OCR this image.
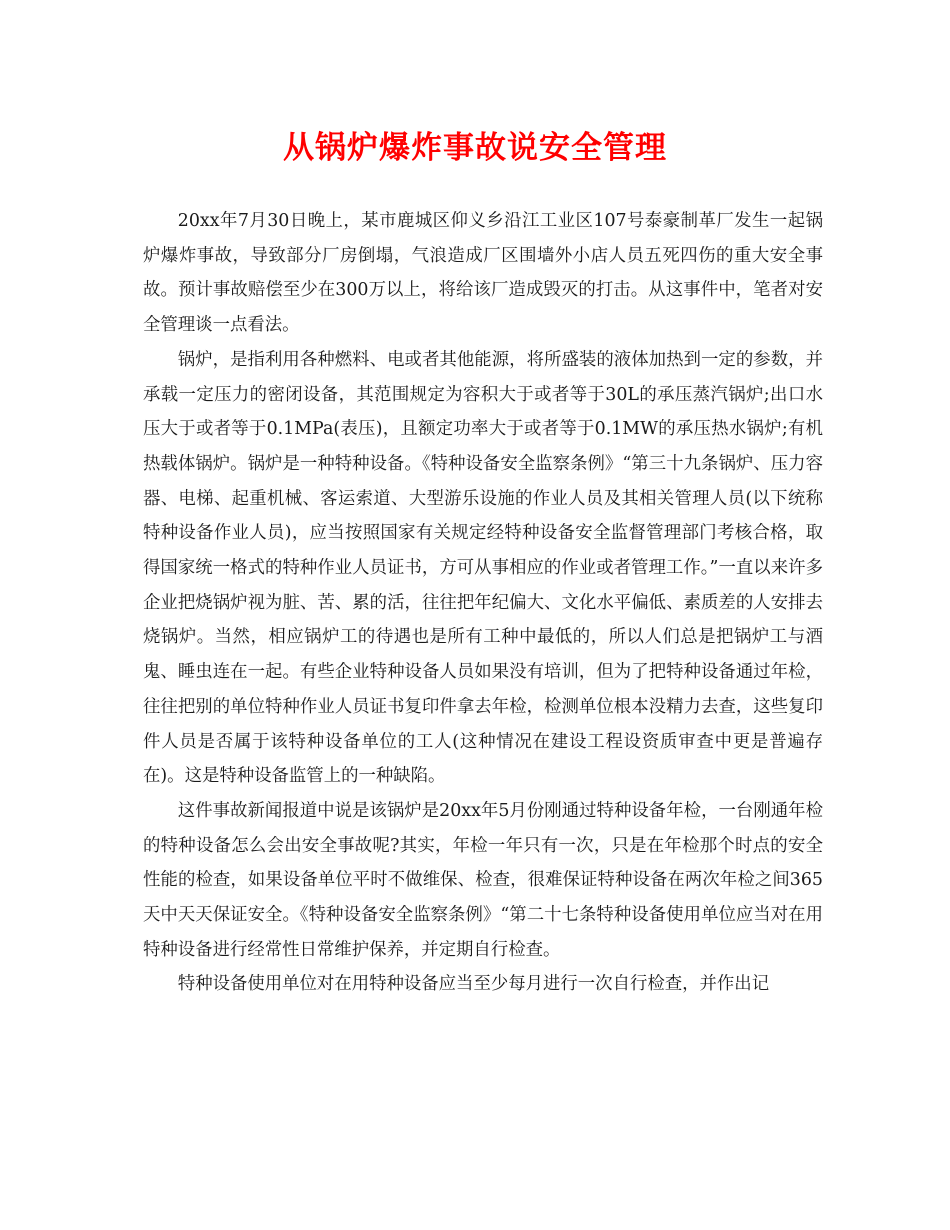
从锅炉爆炸事故说安全管理

20xx年7月30日晚上，某市鹿城区仰义乡沿江工业区107号泰豪制革厂发生一起锅炉爆炸事故，导致部分厂房倒塌，气浪造成厂区围墙外小店人员五死四伤的重大安全事故。预计事故赔偿至少在300万以上，将给该厂造成毁灭的打击。从这事件中，笔者对安全管理谈一点看法。

锅炉，是指利用各种燃料、电或者其他能源，将所盛装的液体加热到一定的参数，并承载一定压力的密闭设备，其范围规定为容积大于或者等于30L的承压蒸汽锅炉;出口水压大于或者等于0.1MPa(表压)，且额定功率大于或者等于0.1MW的承压热水锅炉;有机热载体锅炉。锅炉是一种特种设备。《特种设备安全监察条例》“第三十九条锅炉、压力容器、电梯、起重机械、客运索道、大型游乐设施的作业人员及其相关管理人员(以下统称特种设备作业人员)，应当按照国家有关规定经特种设备安全监督管理部门考核合格，取得国家统一格式的特种作业人员证书，方可从事相应的作业或者管理工作。”一直以来许多企业把烧锅炉视为脏、苦、累的活，往往把年纪偏大、文化水平偏低、素质差的人安排去烧锅炉。当然，相应锅炉工的待遇也是所有工种中最低的，所以人们总是把锅炉工与酒鬼、睡虫连在一起。有些企业特种设备人员如果没有培训，但为了把特种设备通过年检，往往把别的单位特种作业人员证书复印件拿去年检，检测单位根本没精力去查，这些复印件人员是否属于该特种设备单位的工人(这种情况在建设工程设资质审查中更是普遍存在)。这是特种设备监管上的一种缺陷。

这件事故新闻报道中说是该锅炉是20xx年5月份刚通过特种设备年检，一台刚通年检的特种设备怎么会出安全事故呢?其实，年检一年只有一次，只是在年检那个时点的安全性能的检查，如果设备单位平时不做维保、检查，很难保证特种设备在两次年检之间365天中天天保证安全。《特种设备安全监察条例》“第二十七条特种设备使用单位应当对在用特种设备进行经常性日常维护保养，并定期自行检查。

特种设备使用单位对在用特种设备应当至少每月进行一次自行检查，并作出记
